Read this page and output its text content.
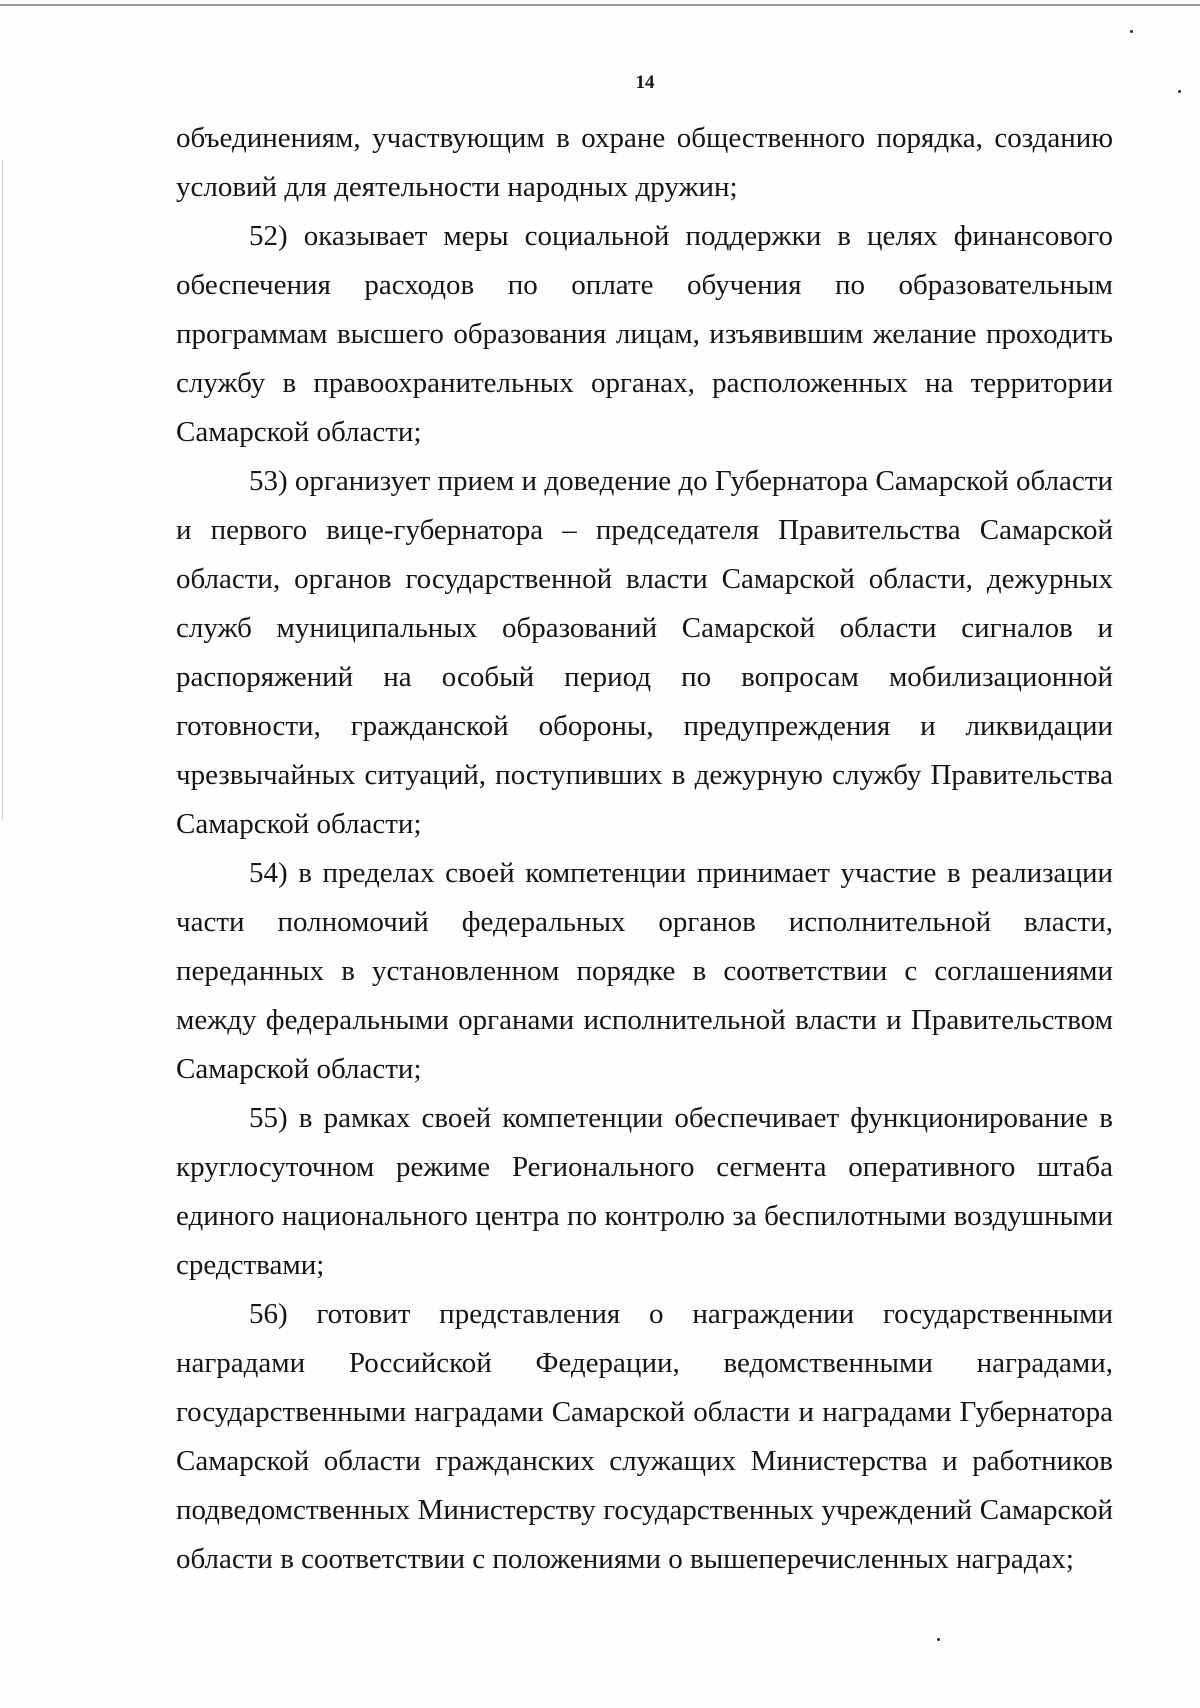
14

объединениям, участвующим в охране общественного порядка, созданию условий для деятельности народных дружин;

52) оказывает меры социальной поддержки в целях финансового обеспечения расходов по оплате обучения по образовательным программам высшего образования лицам, изъявившим желание проходить службу в правоохранительных органах, расположенных на территории Самарской области;

53) организует прием и доведение до Губернатора Самарской области и первого вице-губернатора – председателя Правительства Самарской области, органов государственной власти Самарской области, дежурных служб муниципальных образований Самарской области сигналов и распоряжений на особый период по вопросам мобилизационной готовности, гражданской обороны, предупреждения и ликвидации чрезвычайных ситуаций, поступивших в дежурную службу Правительства Самарской области;

54) в пределах своей компетенции принимает участие в реализации части полномочий федеральных органов исполнительной власти, переданных в установленном порядке в соответствии с соглашениями между федеральными органами исполнительной власти и Правительством Самарской области;

55) в рамках своей компетенции обеспечивает функционирование в круглосуточном режиме Регионального сегмента оперативного штаба единого национального центра по контролю за беспилотными воздушными средствами;

56) готовит представления о награждении государственными наградами Российской Федерации, ведомственными наградами, государственными наградами Самарской области и наградами Губернатора Самарской области гражданских служащих Министерства и работников подведомственных Министерству государственных учреждений Самарской области в соответствии с положениями о вышеперечисленных наградах;
